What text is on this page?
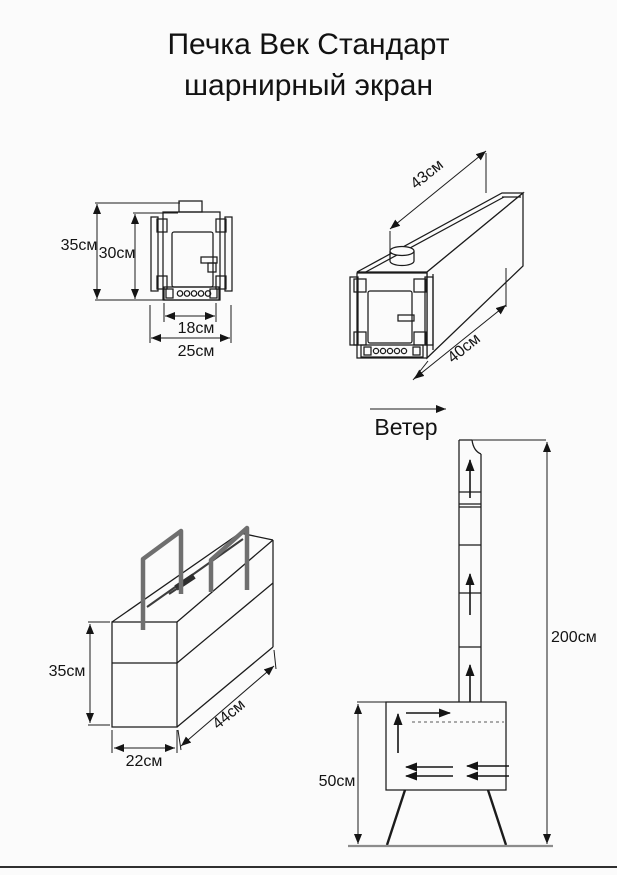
Печка Век Стандарт
шарнирный экран
35см 30см
18см
25см
43см
40см
Ветер
35см
22см
44см
50см
200см
